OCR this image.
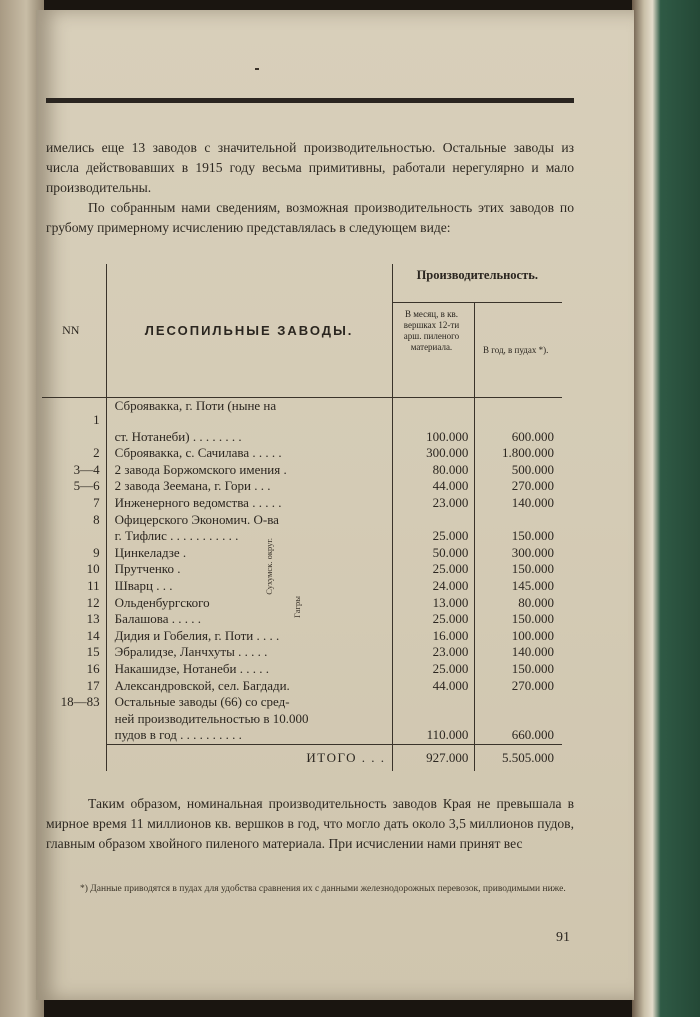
имелись еще 13 заводов с значительной производительностью. Остальные заводы из числа действовавших в 1915 году весьма примитивны, работали нерегулярно и мало производительны.

По собранным нами сведениям, возможная производительность этих заводов по грубому примерному исчислению представлялась в следующем виде:

NN	ЛЕСОПИЛЬНЫЕ ЗАВОДЫ.	Производительность.	
		В месяц, в кв. вершках 12-ти арш. пиленого материала.	В год, в пудах *).
1	Сброяваккa, г. Поти (ныне на		
	ст. Нотанеби) . . . . . . . .	100.000	600.000
2	Сброяваккa, с. Сачилава . . . . .	300.000	1.800.000
3—4	2 завода Боржомского имения .	80.000	500.000
5—6	2 завода Зеемана, г. Гори . . .	44.000	270.000
7	Инженерного ведомства . . . . .	23.000	140.000
8	Офицерского Экономич. О-ва		
	г. Тифлис . . . . . . . . . . .	25.000	150.000
9	Цинкеладзе .	50.000	300.000
10	Прутченко .	25.000	150.000
11	Шварц . . .	24.000	145.000
12	Ольденбургского	13.000	80.000
13	Балашова . . . . .	25.000	150.000
14	Дидия и Гобелия, г. Поти . . . .	16.000	100.000
15	Эбралидзе, Ланчхуты . . . . .	23.000	140.000
16	Накашидзе, Нотанеби . . . . .	25.000	150.000
17	Александровской, сел. Багдади.	44.000	270.000
18—83	Остальные заводы (66) со сред-		
	ней производительностью в 10.000		
	пудов в год . . . . . . . . . .	110.000	660.000
	ИТОГО . . .	927.000	5.505.000
Сухумск. округ.
Гагры

Таким образом, номинальная производительность заводов Края не превышала в мирное время 11 миллионов кв. вершков в год, что могло дать около 3,5 миллионов пудов, главным образом хвойного пиленого материала. При исчислении нами принят вес

*) Данные приводятся в пудах для удобства сравнения их с данными железнодорожных перевозок, приводимыми ниже.

91
